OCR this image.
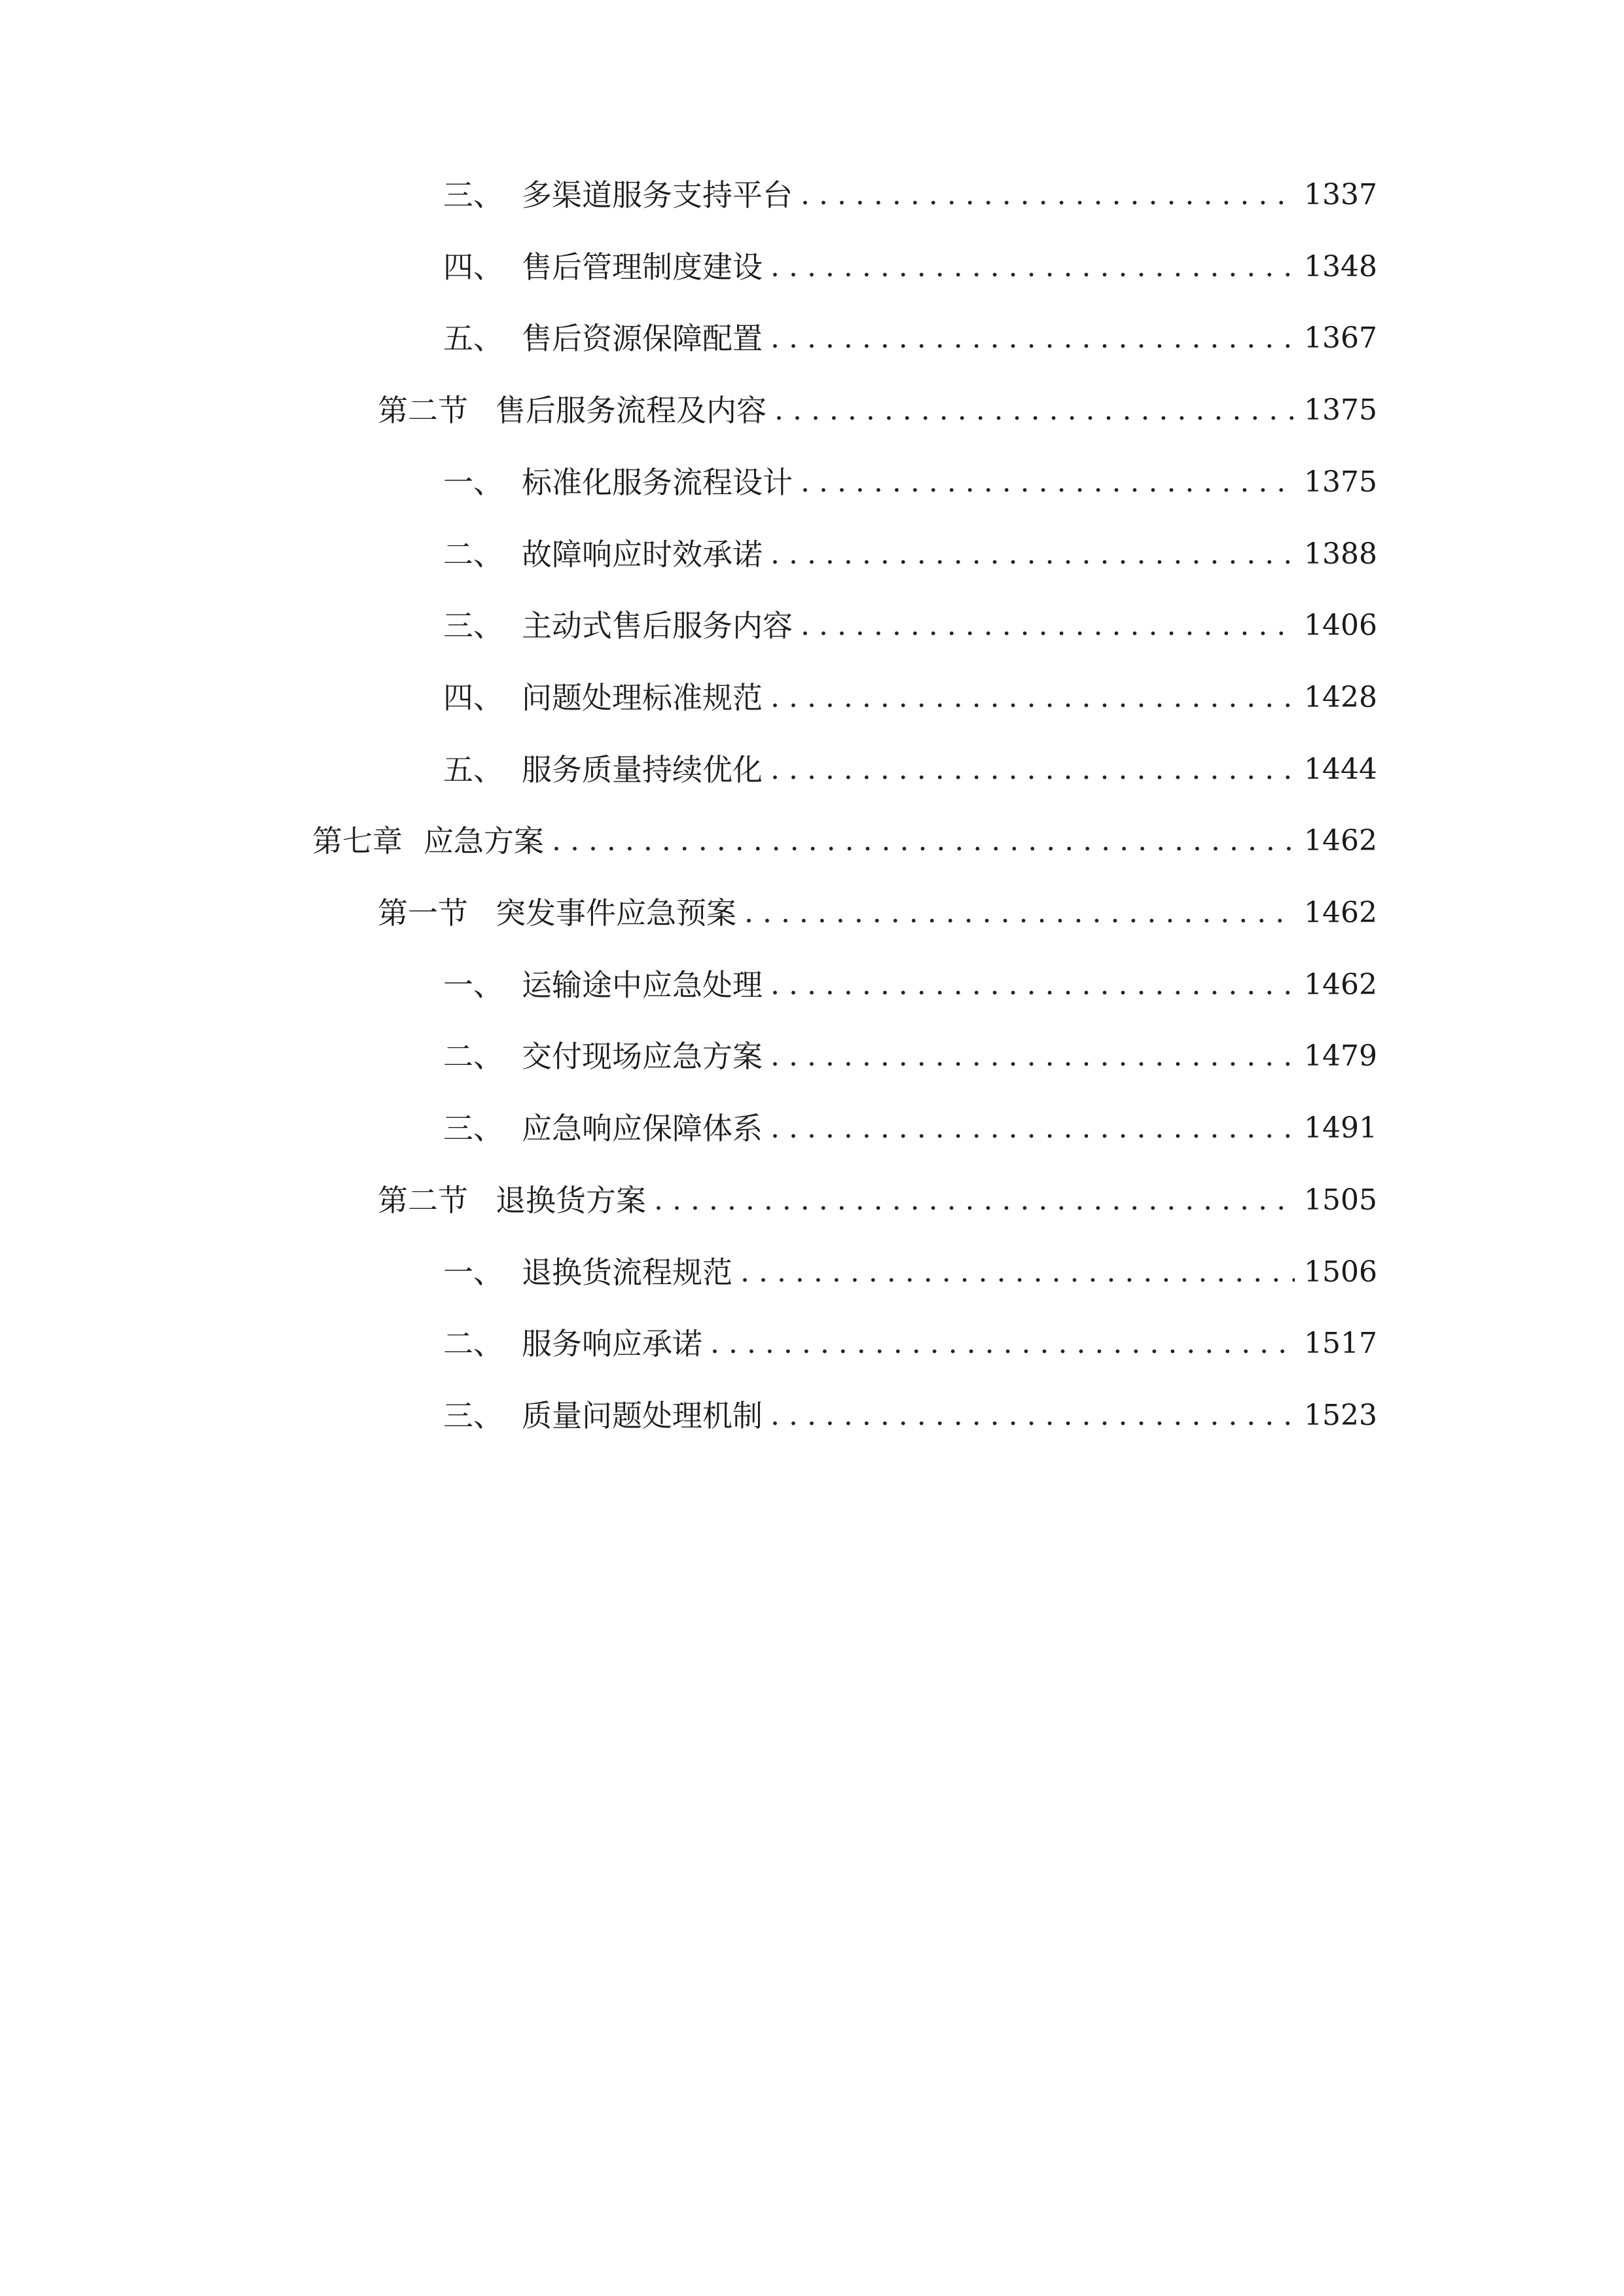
三、 多渠道服务支持平台 . . .	1337
四、 售后管理制度建设 . . .	1348
五、 售后资源保障配置 . . .	1367
第二节 售后服务流程及内容 . . .	1375
一、 标准化服务流程设计 . . .	1375
二、 故障响应时效承诺 . . .	1388
三、 主动式售后服务内容 . . .	1406
四、 问题处理标准规范 . . .	1428
五、 服务质量持续优化 . . .	1444
第七章 应急方案 . . .	1462
第一节 突发事件应急预案 . . .	1462
一、 运输途中应急处理 . . .	1462
二、 交付现场应急方案 . . .	1479
三、 应急响应保障体系 . . .	1491
第二节 退换货方案 . . .	1505
一、 退换货流程规范 . . .	1506
二、 服务响应承诺 . . .	1517
三、 质量问题处理机制 . . .	1523
